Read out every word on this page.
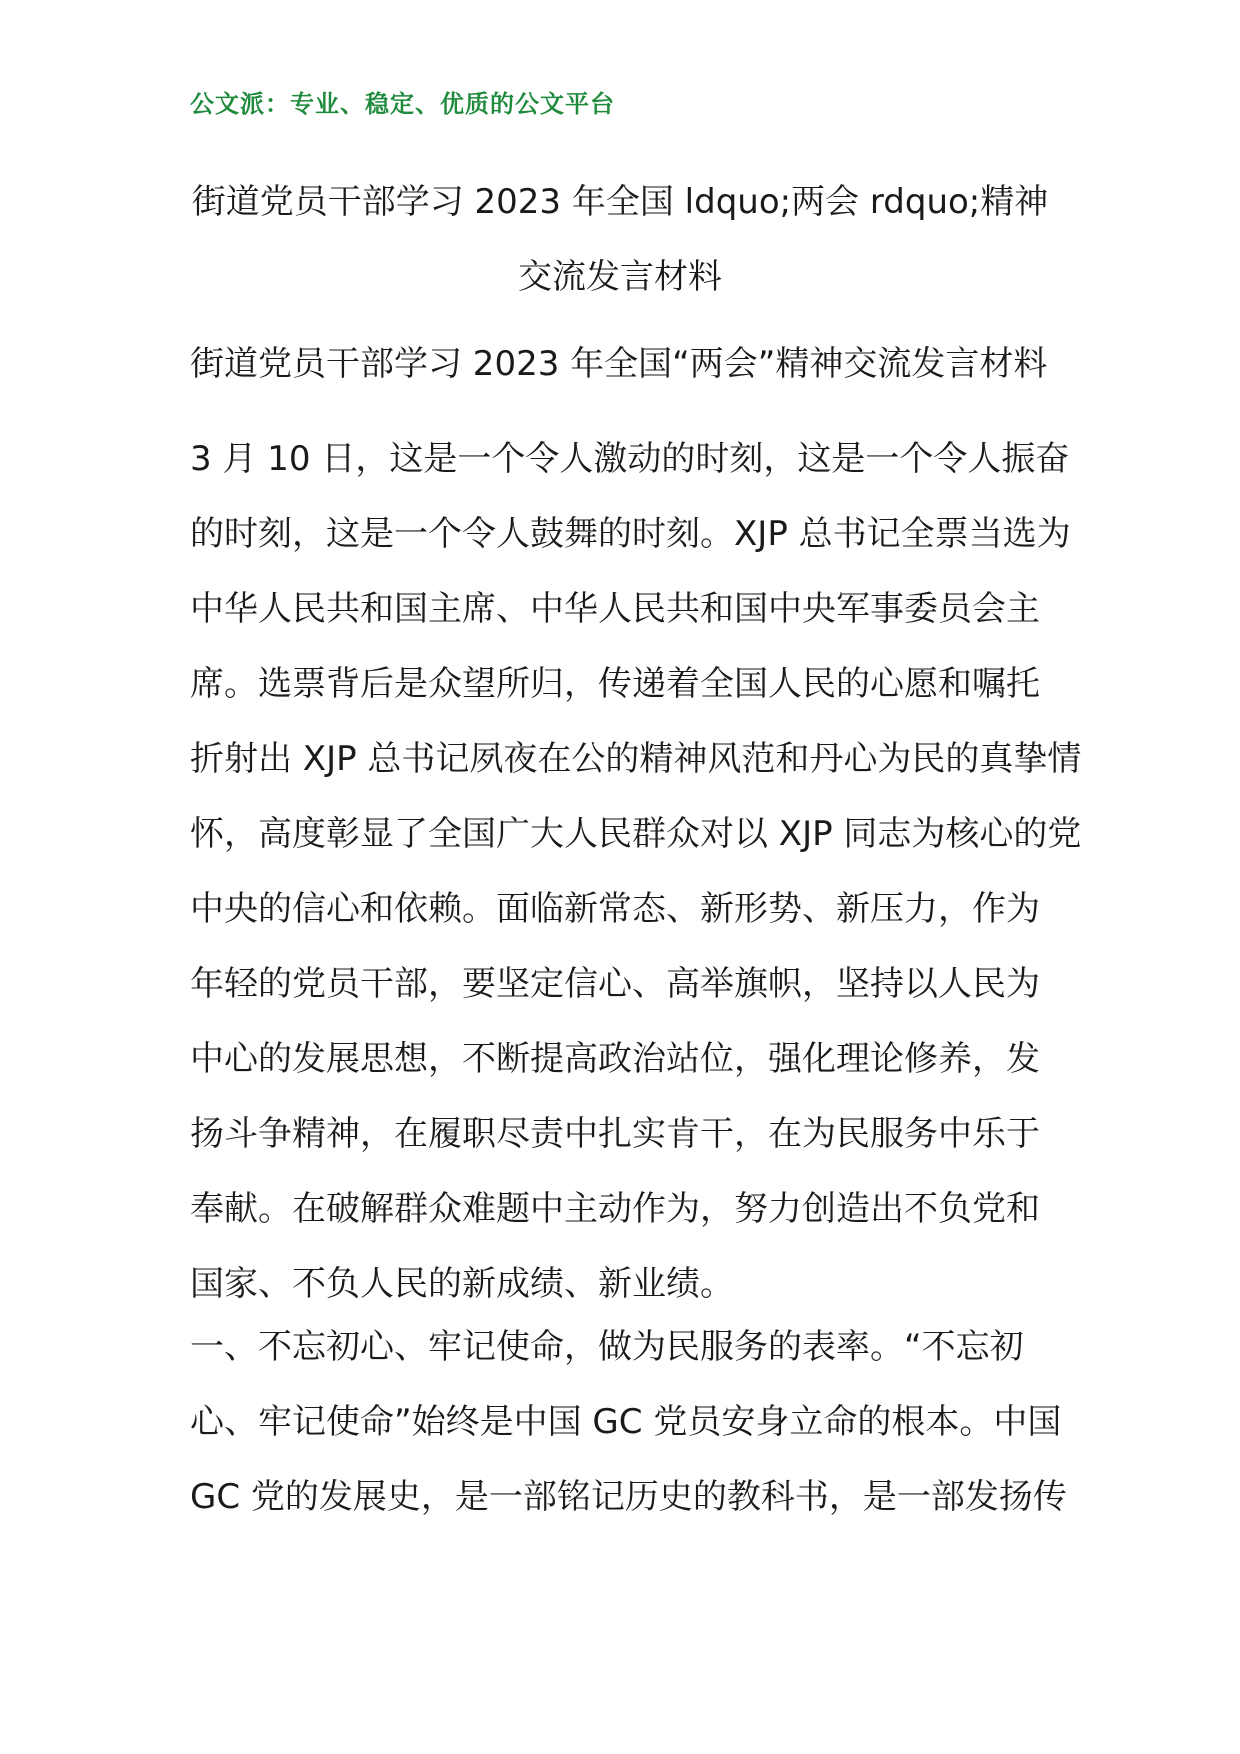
公文派：专业、稳定、优质的公文平台
街道党员干部学习 2023 年全国 ldquo;两会 rdquo;精神
交流发言材料
街道党员干部学习 2023 年全国“两会”精神交流发言材料
3 月 10 日，这是一个令人激动的时刻，这是一个令人振奋
的时刻，这是一个令人鼓舞的时刻。XJP 总书记全票当选为
中华人民共和国主席、中华人民共和国中央军事委员会主
席。选票背后是众望所归，传递着全国人民的心愿和嘱托
折射出 XJP 总书记夙夜在公的精神风范和丹心为民的真挚情
怀，高度彰显了全国广大人民群众对以 XJP 同志为核心的党
中央的信心和依赖。面临新常态、新形势、新压力，作为
年轻的党员干部，要坚定信心、高举旗帜，坚持以人民为
中心的发展思想，不断提高政治站位，强化理论修养，发
扬斗争精神，在履职尽责中扎实肯干，在为民服务中乐于
奉献。在破解群众难题中主动作为，努力创造出不负党和
国家、不负人民的新成绩、新业绩。
一、不忘初心、牢记使命，做为民服务的表率。“不忘初
心、牢记使命”始终是中国 GC 党员安身立命的根本。中国
GC 党的发展史，是一部铭记历史的教科书，是一部发扬传
